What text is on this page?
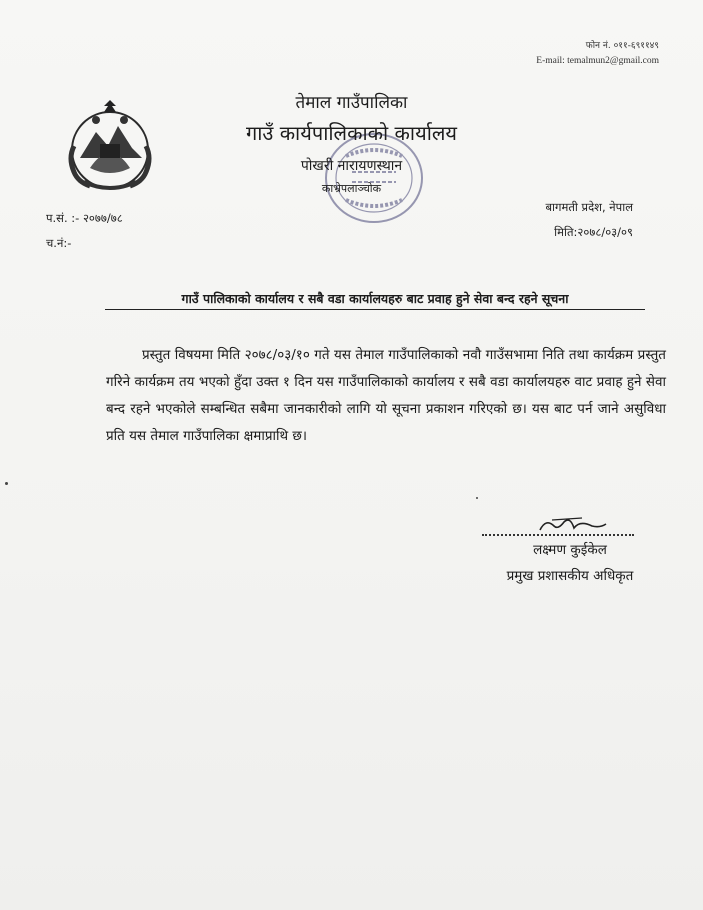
फोन नं. ०११-६९११४९
E-mail: temalmun2@gmail.com
तेमाल गाउँपालिका
गाउँ कार्यपालिकाको कार्यालय
पोखरी नारायणस्थान
काभ्रेपलाञ्चोक
प.सं. :- २०७७/७८
च.नं:-
बागमती प्रदेश, नेपाल
मिति:२०७८/०३/०९
गाउँ पालिकाको कार्यालय र सबै वडा कार्यालयहरु बाट प्रवाह हुने सेवा बन्द रहने सूचना
प्रस्तुत विषयमा मिति २०७८/०३/१० गते यस तेमाल गाउँपालिकाको नवौ गाउँसभामा निति तथा कार्यक्रम प्रस्तुत गरिने कार्यक्रम तय भएको हुँदा उक्त १ दिन यस गाउँपालिकाको कार्यालय र सबै वडा कार्यालयहरु वाट प्रवाह हुने सेवा बन्द रहने भएकोले सम्बन्धित सबैमा जानकारीको लागि यो सूचना प्रकाशन गरिएको छ। यस बाट पर्न जाने असुविधा प्रति यस तेमाल गाउँपालिका क्षमाप्राथि छ।
लक्ष्मण कुईकेल
प्रमुख प्रशासकीय अधिकृत
